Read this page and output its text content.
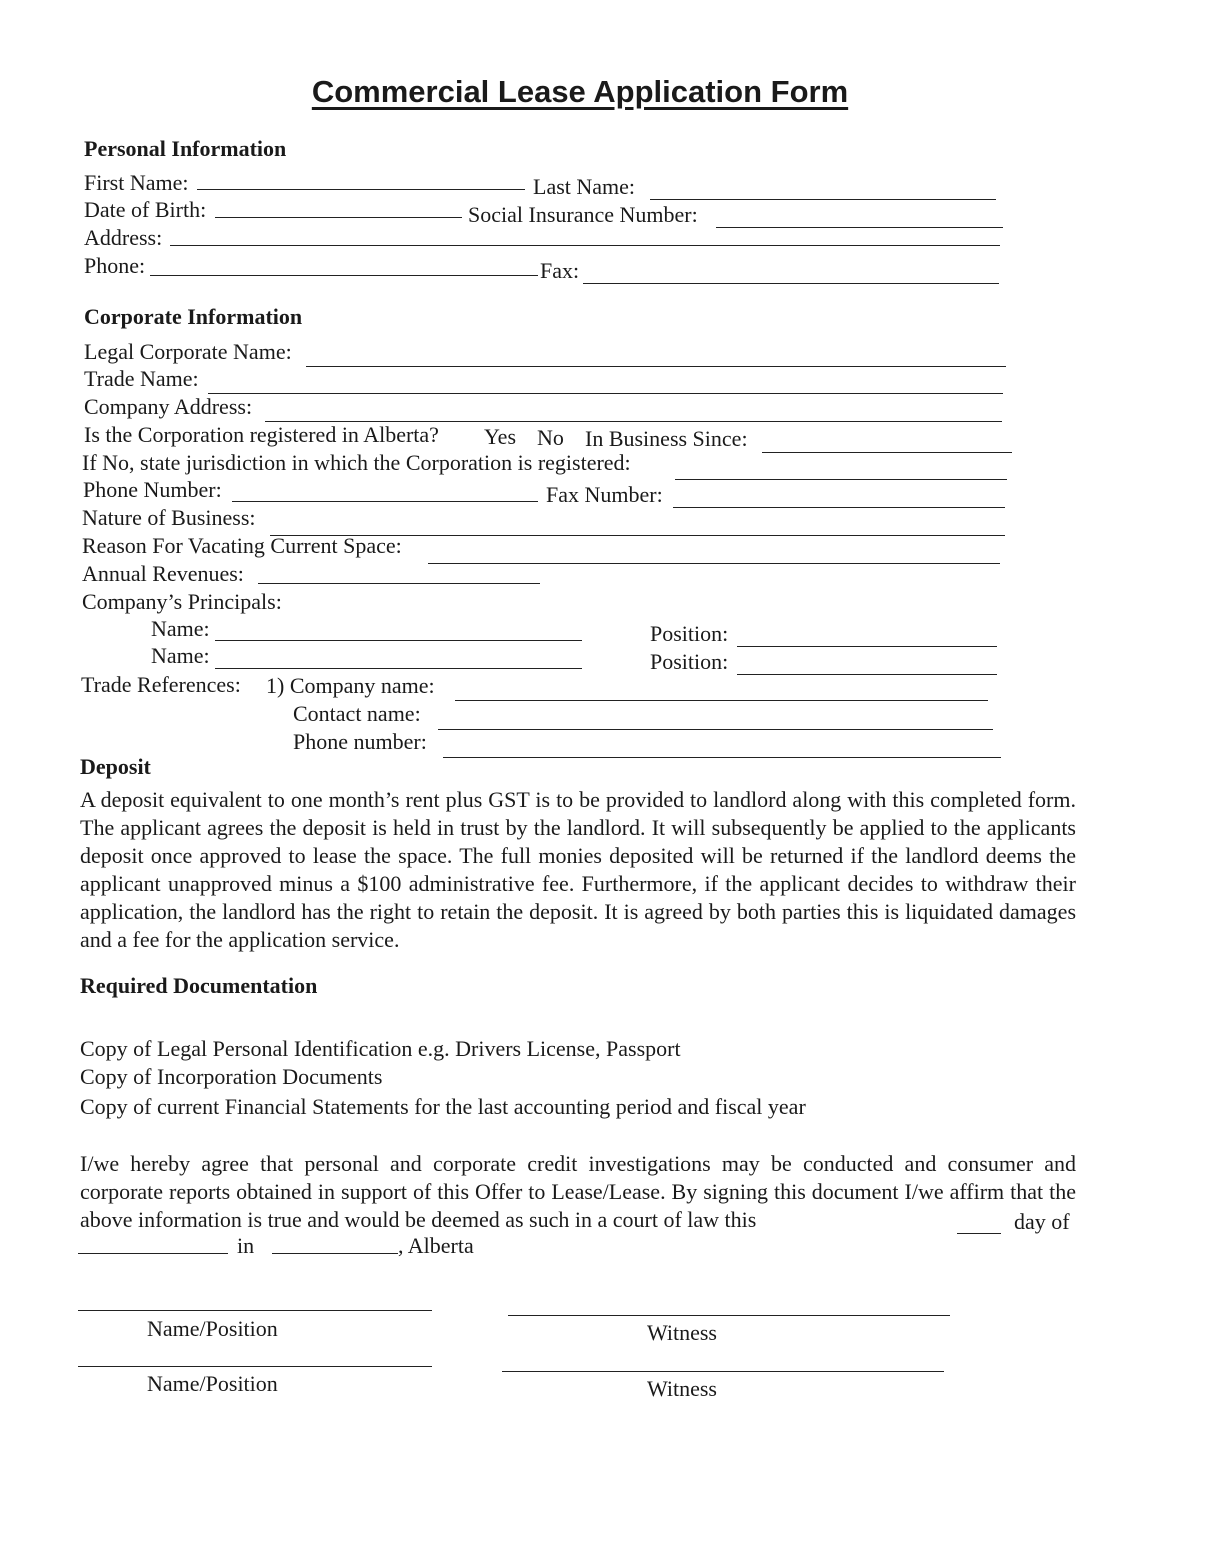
Commercial Lease Application Form
Personal Information
First Name:	Last Name:
Date of Birth:	Social Insurance Number:
Address:
Phone:	Fax:
Corporate Information
Legal Corporate Name:
Trade Name:
Company Address:
Is the Corporation registered in Alberta? Yes No In Business Since:
If No, state jurisdiction in which the Corporation is registered:
Phone Number:	Fax Number:
Nature of Business:
Reason For Vacating Current Space:
Annual Revenues:
Company’s Principals:
Name:	Position:
Name:	Position:
Trade References: 1) Company name:
Contact name:
Phone number:
Deposit
A deposit equivalent to one month’s rent plus GST is to be provided to landlord along with this completed form. The applicant agrees the deposit is held in trust by the landlord. It will subsequently be applied to the applicants deposit once approved to lease the space. The full monies deposited will be returned if the landlord deems the applicant unapproved minus a $100 administrative fee. Furthermore, if the applicant decides to withdraw their application, the landlord has the right to retain the deposit. It is agreed by both parties this is liquidated damages and a fee for the application service.
Required Documentation
Copy of Legal Personal Identification e.g. Drivers License, Passport
Copy of Incorporation Documents
Copy of current Financial Statements for the last accounting period and fiscal year
I/we hereby agree that personal and corporate credit investigations may be conducted and consumer and corporate reports obtained in support of this Offer to Lease/Lease. By signing this document I/we affirm that the above information is true and would be deemed as such in a court of law this	day of
in	, Alberta
Name/Position	Witness
Name/Position	Witness
